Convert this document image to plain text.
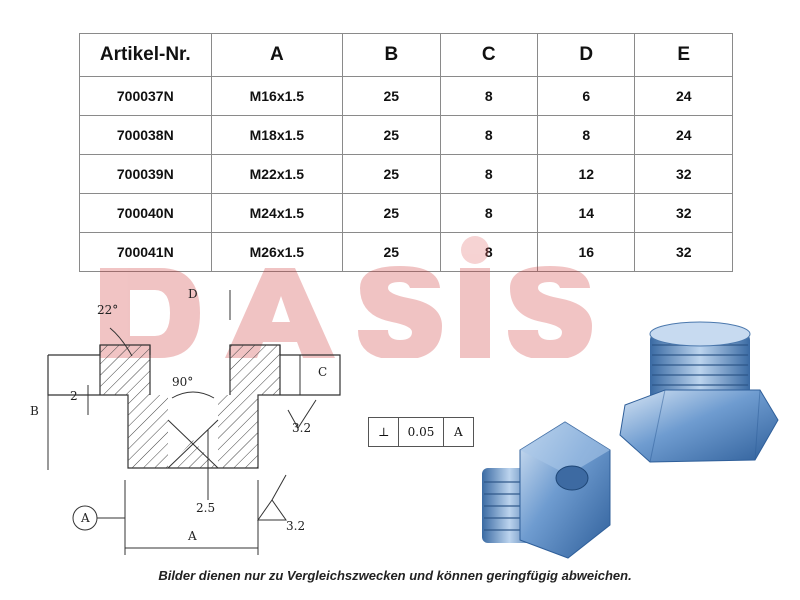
Artikel-Nr.	A	B	C	D	E
700037N	M16x1.5	25	8	6	24
700038N	M18x1.5	25	8	8	24
700039N	M22x1.5	25	8	12	32
700040N	M24x1.5	25	8	14	32
700041N	M26x1.5	25	8	16	32
22°
D
C
B
A
90°
2
2.5
3.2
3.2
A
⊥	0.05	A
Bilder dienen nur zu Vergleichszwecken und können geringfügig abweichen.
